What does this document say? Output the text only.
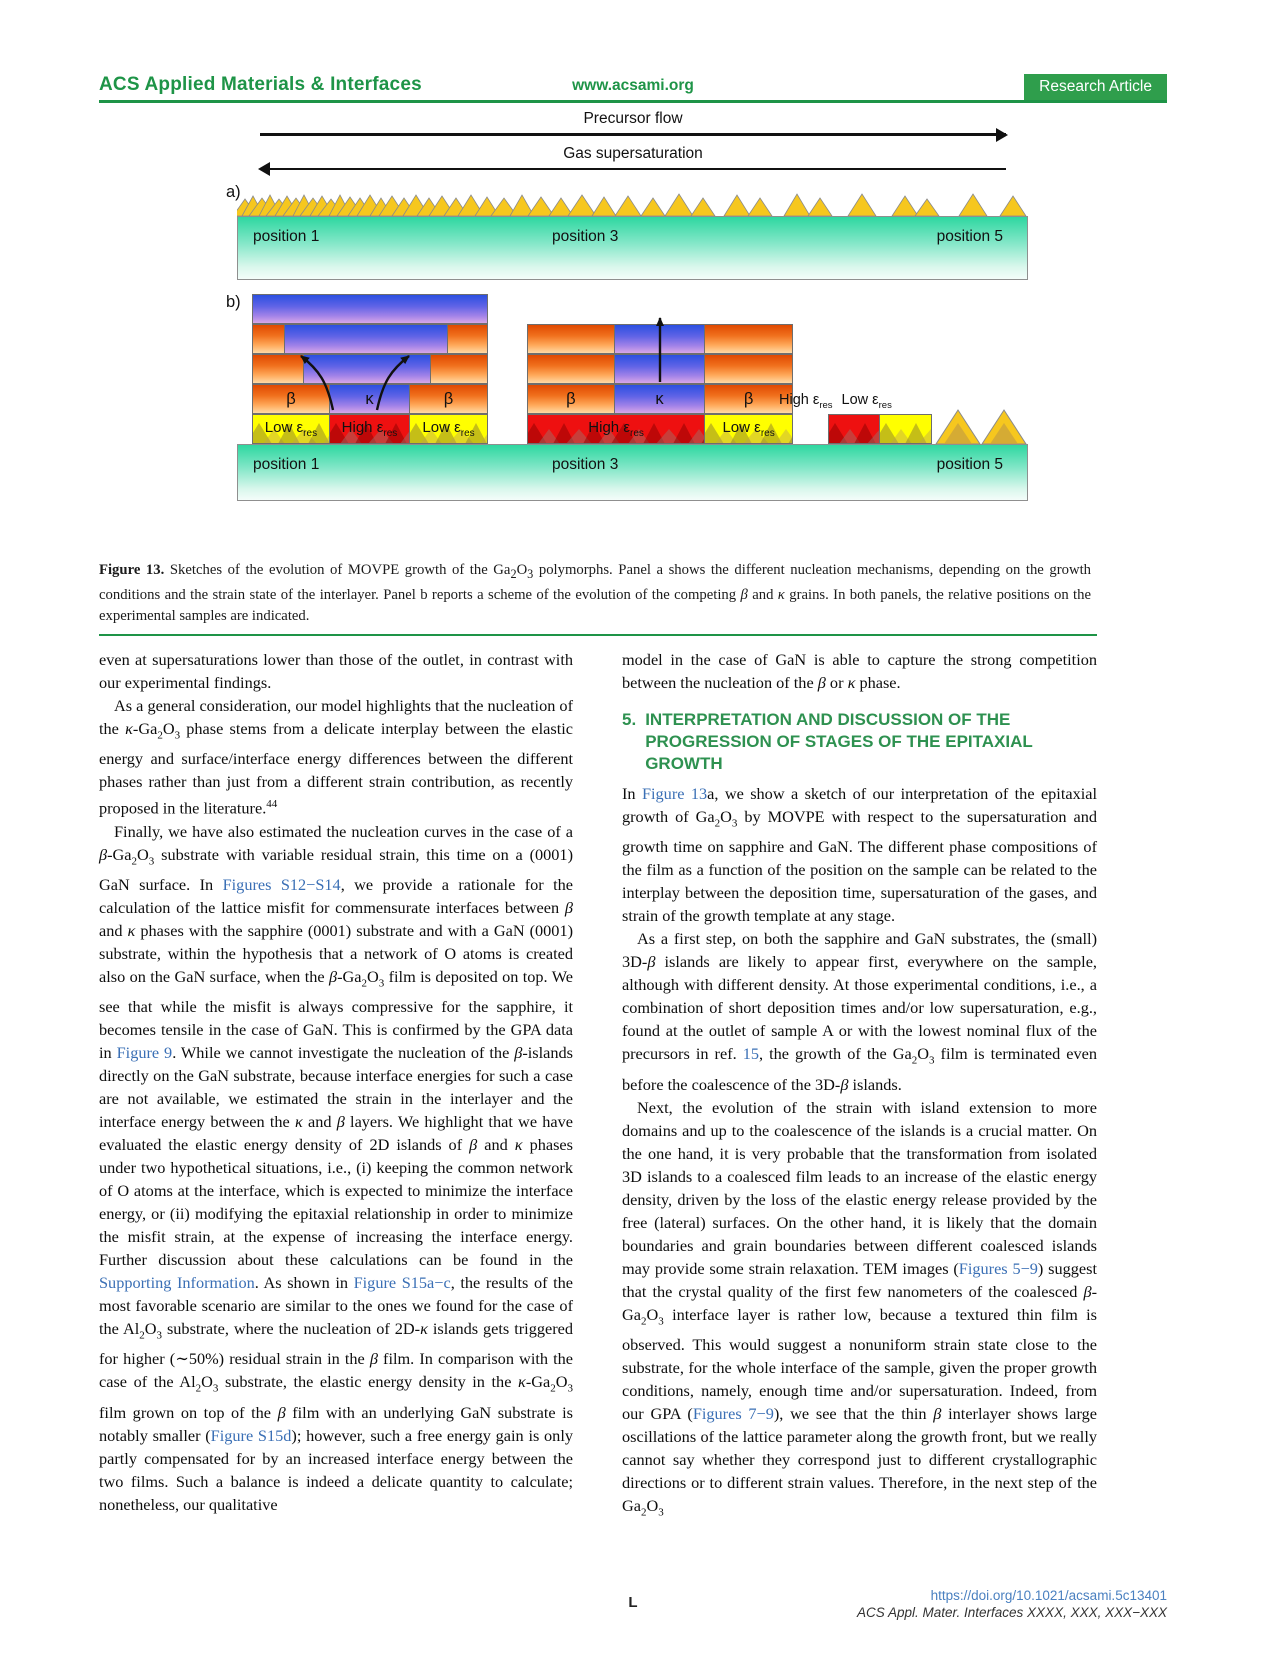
ACS Applied Materials & Interfaces	www.acsami.org	Research Article
Precursor flow
Gas supersaturation
a)
position 1	position 3	position 5
b)
Low $\varepsilon_{res}$ High $\varepsilon_{res}$ Low $\varepsilon_{res}$
β	κ	β
High $\varepsilon_{res}$	Low $\varepsilon_{res}$
β	κ	β High $\varepsilon_{res}$ Low $\varepsilon_{res}$
position 1	position 3	position 5
Figure 13. Sketches of the evolution of MOVPE growth of the $Ga_2O_3$ polymorphs. Panel a shows the different nucleation mechanisms, depending on the growth conditions and the strain state of the interlayer. Panel b reports a scheme of the evolution of the competing β and κ grains. In both panels, the relative positions on the experimental samples are indicated.

even at supersaturations lower than those of the outlet, in contrast with our experimental findings.

As a general consideration, our model highlights that the nucleation of the $\kappa-Ga_2O_3$ phase stems from a delicate interplay between the elastic energy and surface/interface energy differences between the different phases rather than just from a different strain contribution, as recently proposed in the literature.$^{44}$

Finally, we have also estimated the nucleation curves in the case of a $\beta-Ga_2O_3$ substrate with variable residual strain, this time on a (0001) GaN surface. In Figures S12−S14, we provide a rationale for the calculation of the lattice misfit for commensurate interfaces between β and κ phases with the sapphire (0001) substrate and with a GaN (0001) substrate, within the hypothesis that a network of O atoms is created also on the GaN surface, when the $\beta-Ga_2O_3$ film is deposited on top. We see that while the misfit is always compressive for the sapphire, it becomes tensile in the case of GaN. This is confirmed by the GPA data in Figure 9. While we cannot investigate the nucleation of the β-islands directly on the GaN substrate, because interface energies for such a case are not available, we estimated the strain in the interlayer and the interface energy between the κ and β layers. We highlight that we have evaluated the elastic energy density of 2D islands of β and κ phases under two hypothetical situations, i.e., (i) keeping the common network of O atoms at the interface, which is expected to minimize the interface energy, or (ii) modifying the epitaxial relationship in order to minimize the misfit strain, at the expense of increasing the interface energy. Further discussion about these calculations can be found in the Supporting Information. As shown in Figure S15a−c, the results of the most favorable scenario are similar to the ones we found for the case of the $Al_2O_3$ substrate, where the nucleation of 2D-κ islands gets triggered for higher (∼50%) residual strain in the β film. In comparison with the case of the $Al_2O_3$ substrate, the elastic energy density in the $\kappa-Ga_2O_3$ film grown on top of the β film with an underlying GaN substrate is notably smaller (Figure S15d); however, such a free energy gain is only partly compensated for by an increased interface energy between the two films. Such a balance is indeed a delicate quantity to calculate; nonetheless, our qualitative

model in the case of GaN is able to capture the strong competition between the nucleation of the β or κ phase.

5. INTERPRETATION AND DISCUSSION OF THE PROGRESSION OF STAGES OF THE EPITAXIAL GROWTH

In Figure 13a, we show a sketch of our interpretation of the epitaxial growth of $Ga_2O_3$ by MOVPE with respect to the supersaturation and growth time on sapphire and GaN. The different phase compositions of the film as a function of the position on the sample can be related to the interplay between the deposition time, supersaturation of the gases, and strain of the growth template at any stage.

As a first step, on both the sapphire and GaN substrates, the (small) 3D-β islands are likely to appear first, everywhere on the sample, although with different density. At those experimental conditions, i.e., a combination of short deposition times and/or low supersaturation, e.g., found at the outlet of sample A or with the lowest nominal flux of the precursors in ref. 15, the growth of the $Ga_2O_3$ film is terminated even before the coalescence of the 3D-β islands.

Next, the evolution of the strain with island extension to more domains and up to the coalescence of the islands is a crucial matter. On the one hand, it is very probable that the transformation from isolated 3D islands to a coalesced film leads to an increase of the elastic energy density, driven by the loss of the elastic energy release provided by the free (lateral) surfaces. On the other hand, it is likely that the domain boundaries and grain boundaries between different coalesced islands may provide some strain relaxation. TEM images (Figures 5−9) suggest that the crystal quality of the first few nanometers of the coalesced $\beta-Ga_2O_3$ interface layer is rather low, because a textured thin film is observed. This would suggest a nonuniform strain state close to the substrate, for the whole interface of the sample, given the proper growth conditions, namely, enough time and/or supersaturation. Indeed, from our GPA (Figures 7−9), we see that the thin β interlayer shows large oscillations of the lattice parameter along the growth front, but we really cannot say whether they correspond just to different crystallographic directions or to different strain values. Therefore, in the next step of the $Ga_2O_3$

L	https://doi.org/10.1021/acsami.5c13401
ACS Appl. Mater. Interfaces XXXX, XXX, XXX−XXX
